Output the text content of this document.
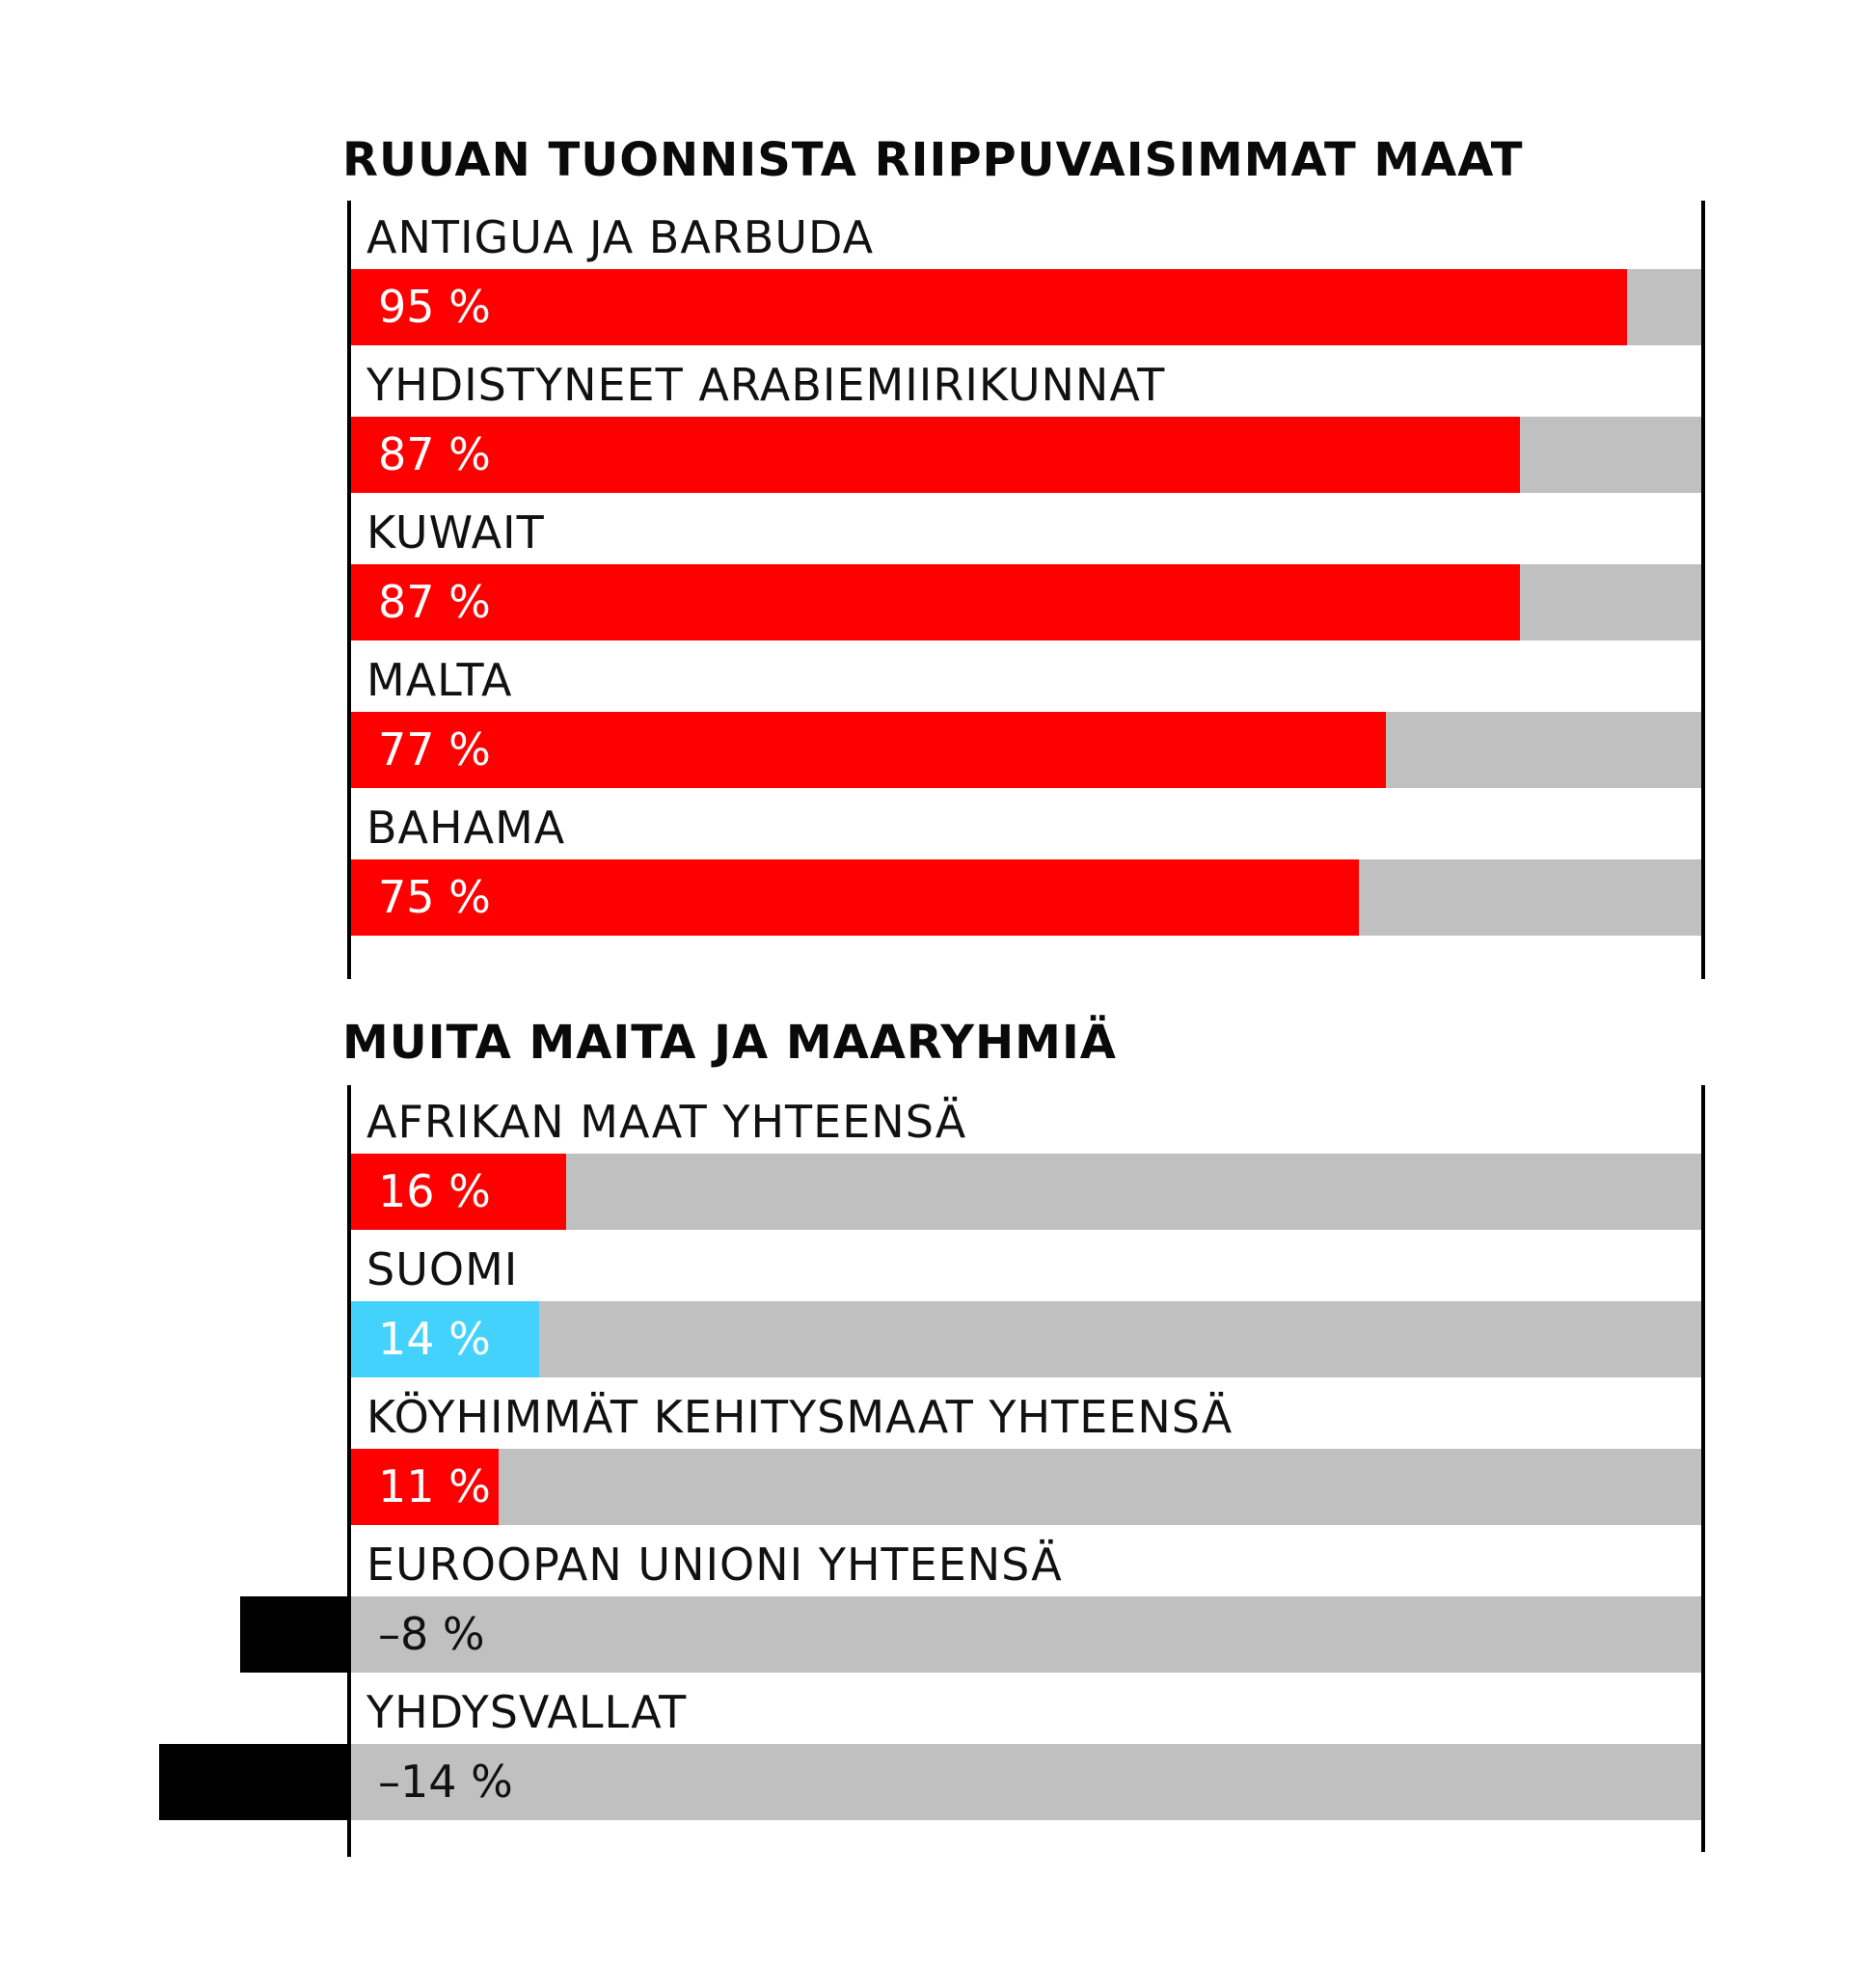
RUUAN TUONNISTA RIIPPUVAISIMMAT MAAT
ANTIGUA JA BARBUDA
95 %
YHDISTYNEET ARABIEMIIRIKUNNAT
87 %
KUWAIT
87 %
MALTA
77 %
BAHAMA
75 %
MUITA MAITA JA MAARYHMIÄ
AFRIKAN MAAT YHTEENSÄ
16 %
SUOMI
14 %
KÖYHIMMÄT KEHITYSMAAT YHTEENSÄ
11 %
EUROOPAN UNIONI YHTEENSÄ
–8 %
YHDYSVALLAT
–14 %
